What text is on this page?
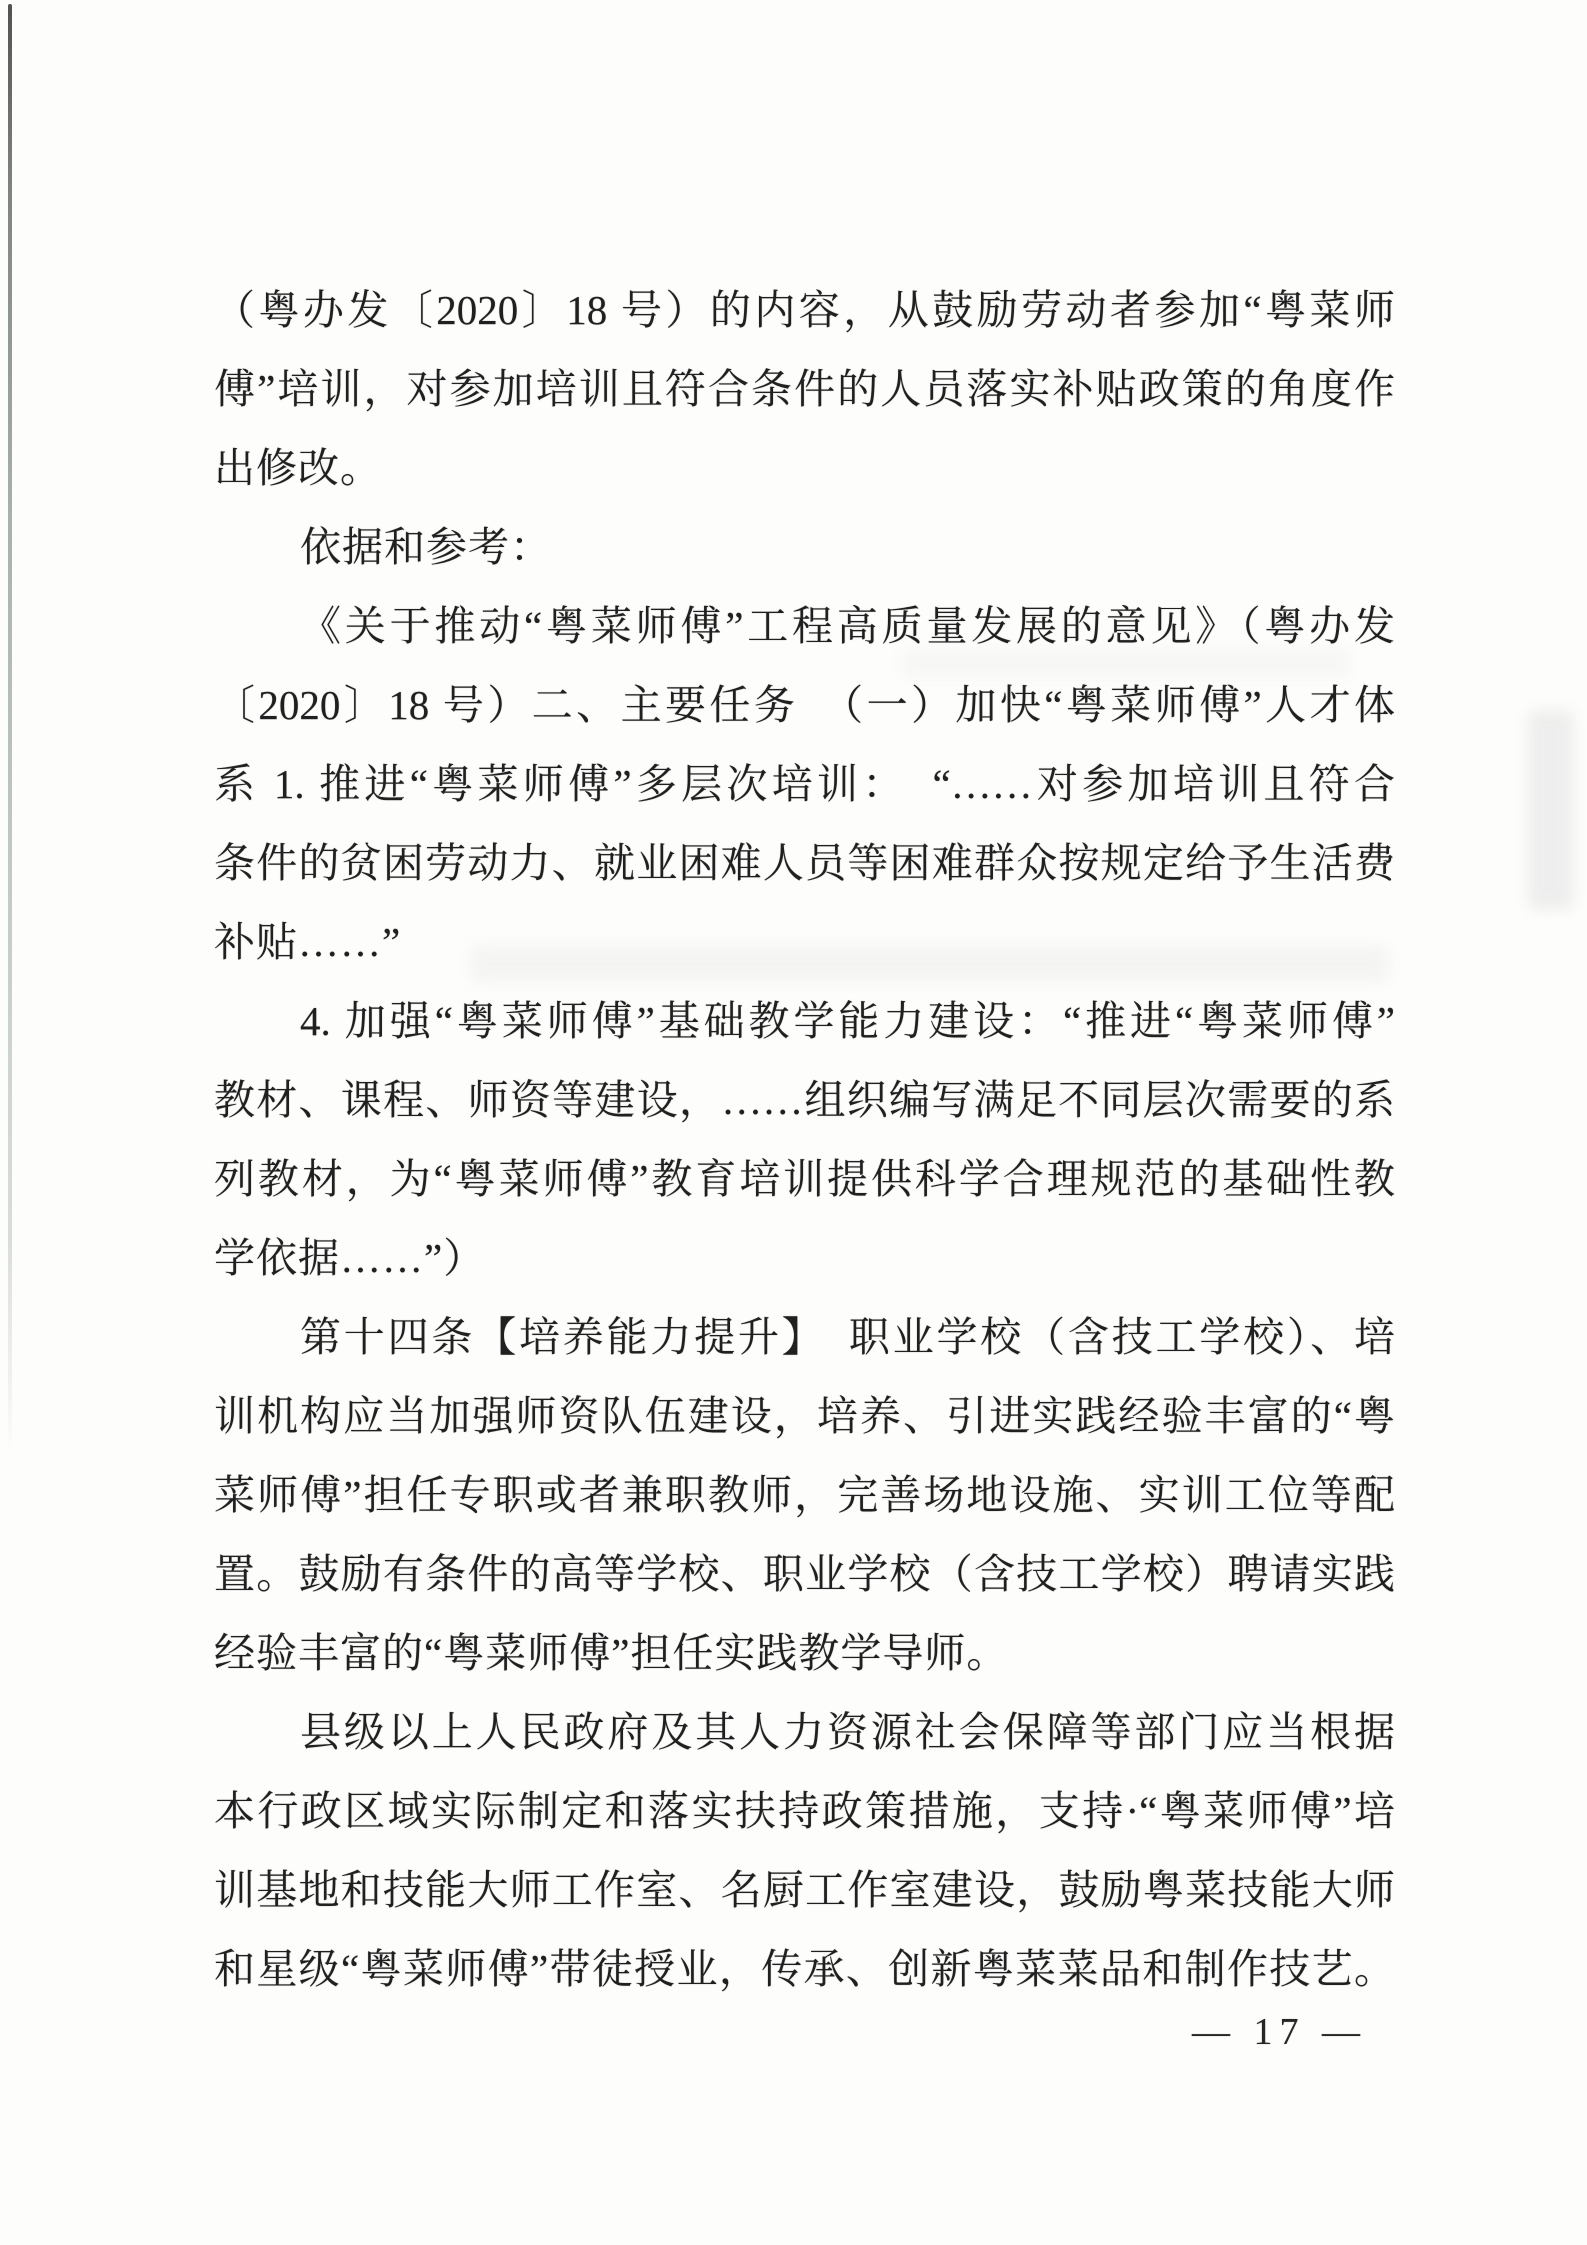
（粤办发〔2020〕18 号）的内容，从鼓励劳动者参加“粤菜师

傅”培训，对参加培训且符合条件的人员落实补贴政策的角度作

出修改。

依据和参考：

《关于推动“粤菜师傅”工程高质量发展的意见》（粤办发

〔2020〕18 号）二、主要任务　（一）加快“粤菜师傅”人才体

系 1. 推进“粤菜师傅”多层次培训：　“……对参加培训且符合

条件的贫困劳动力、就业困难人员等困难群众按规定给予生活费

补贴……”

4. 加强“粤菜师傅”基础教学能力建设：“推进“粤菜师傅”

教材、课程、师资等建设，……组织编写满足不同层次需要的系

列教材，为“粤菜师傅”教育培训提供科学合理规范的基础性教

学依据……”）

第十四条【培养能力提升】　职业学校（含技工学校）、培

训机构应当加强师资队伍建设，培养、引进实践经验丰富的“粤

菜师傅”担任专职或者兼职教师，完善场地设施、实训工位等配

置。鼓励有条件的高等学校、职业学校（含技工学校）聘请实践

经验丰富的“粤菜师傅”担任实践教学导师。

县级以上人民政府及其人力资源社会保障等部门应当根据

本行政区域实际制定和落实扶持政策措施，支持·“粤菜师傅”培

训基地和技能大师工作室、名厨工作室建设，鼓励粤菜技能大师

和星级“粤菜师傅”带徒授业，传承、创新粤菜菜品和制作技艺。

— 17 —
